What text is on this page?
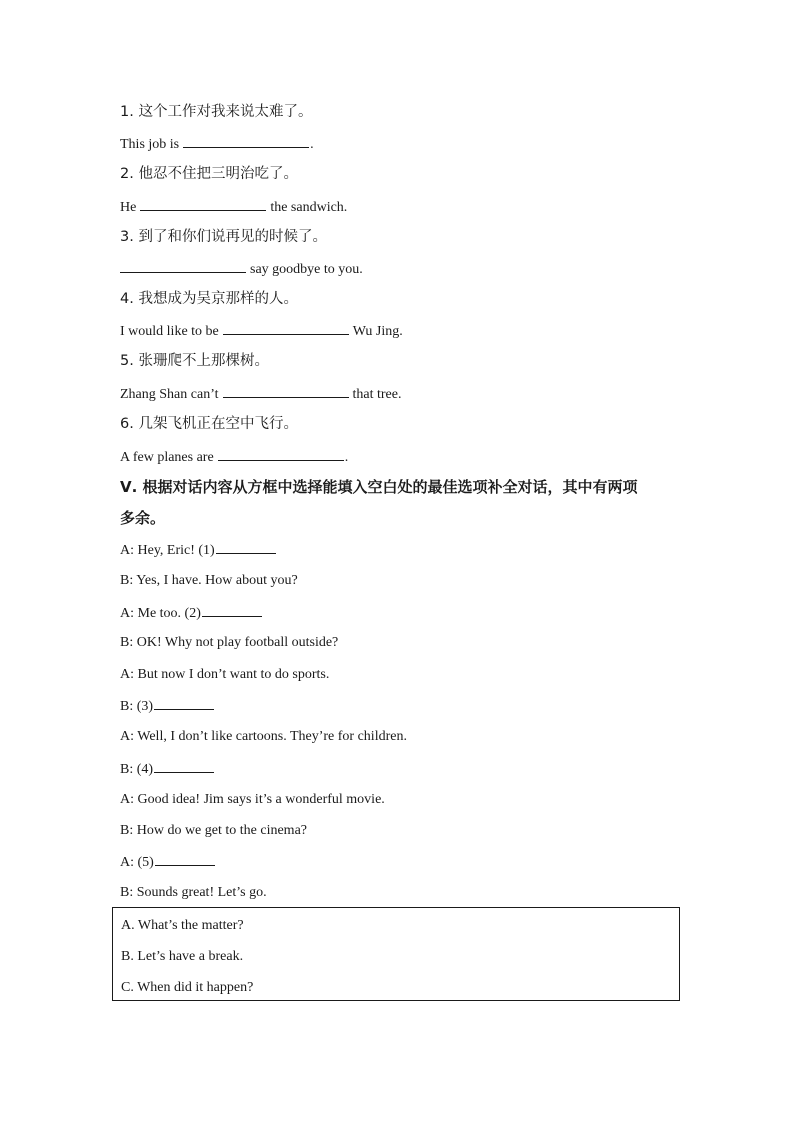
1. 这个工作对我来说太难了。
This job is	.
2. 他忍不住把三明治吃了。
He	the sandwich.
3. 到了和你们说再见的时候了。
say goodbye to you.
4. 我想成为吴京那样的人。
I would like to be	Wu Jing.
5. 张珊爬不上那棵树。
Zhang Shan can’t	that tree.
6. 几架飞机正在空中飞行。
A few planes are	.
Ⅴ. 根据对话内容从方框中选择能填入空白处的最佳选项补全对话，其中有两项
多余。
A: Hey, Eric! (1)
B: Yes, I have. How about you?
A: Me too. (2)
B: OK! Why not play football outside?
A: But now I don’t want to do sports.
B: (3)
A: Well, I don’t like cartoons. They’re for children.
B: (4)
A: Good idea! Jim says it’s a wonderful movie.
B: How do we get to the cinema?
A: (5)
B: Sounds great! Let’s go.
A. What’s the matter?
B. Let’s have a break.
C. When did it happen?
